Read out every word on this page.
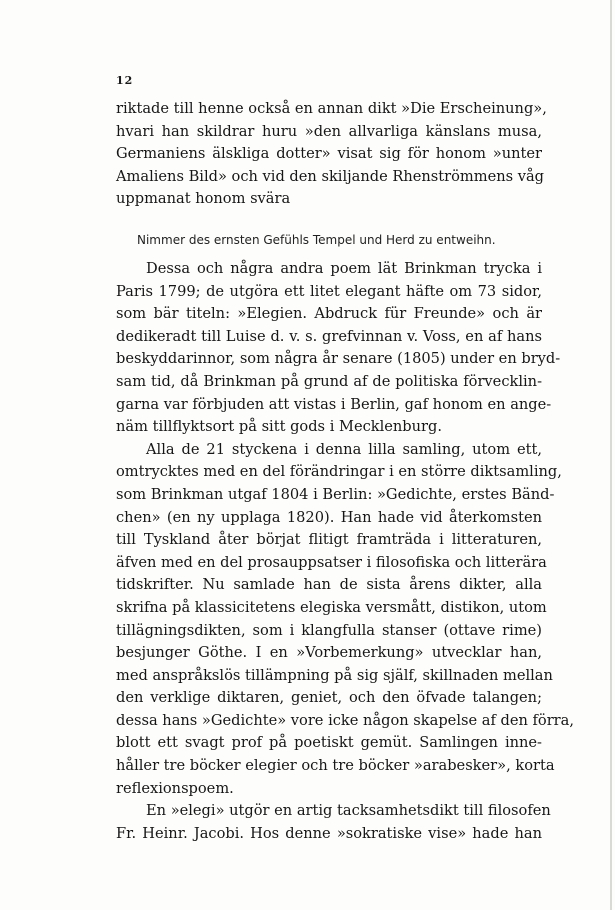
12
riktade till henne också en annan dikt »Die Erscheinung»,
hvari han skildrar huru »den allvarliga känslans musa,
Germaniens älskliga dotter» visat sig för honom »unter
Amaliens Bild» och vid den skiljande Rhenströmmens våg
uppmanat honom svära
Nimmer des ernsten Gefühls Tempel und Herd zu entweihn.
Dessa och några andra poem lät Brinkman trycka i
Paris 1799; de utgöra ett litet elegant häfte om 73 sidor,
som bär titeln: »Elegien. Abdruck für Freunde» och är
dedikeradt till Luise d. v. s. grefvinnan v. Voss, en af hans
beskyddarinnor, som några år senare (1805) under en bryd-
sam tid, då Brinkman på grund af de politiska förvecklin-
garna var förbjuden att vistas i Berlin, gaf honom en ange-
näm tillflyktsort på sitt gods i Mecklenburg.
Alla de 21 styckena i denna lilla samling, utom ett,
omtrycktes med en del förändringar i en större diktsamling,
som Brinkman utgaf 1804 i Berlin: »Gedichte, erstes Bänd-
chen» (en ny upplaga 1820). Han hade vid återkomsten
till Tyskland åter börjat flitigt framträda i litteraturen,
äfven med en del prosauppsatser i filosofiska och litterära
tidskrifter. Nu samlade han de sista årens dikter, alla
skrifna på klassicitetens elegiska versmått, distikon, utom
tillägningsdikten, som i klangfulla stanser (ottave rime)
besjunger Göthe. I en »Vorbemerkung» utvecklar han,
med anspråkslös tillämpning på sig själf, skillnaden mellan
den verklige diktaren, geniet, och den öfvade talangen;
dessa hans »Gedichte» vore icke någon skapelse af den förra,
blott ett svagt prof på poetiskt gemüt. Samlingen inne-
håller tre böcker elegier och tre böcker »arabesker», korta
reflexionspoem.
En »elegi» utgör en artig tacksamhetsdikt till filosofen
Fr. Heinr. Jacobi. Hos denne »sokratiske vise» hade han
